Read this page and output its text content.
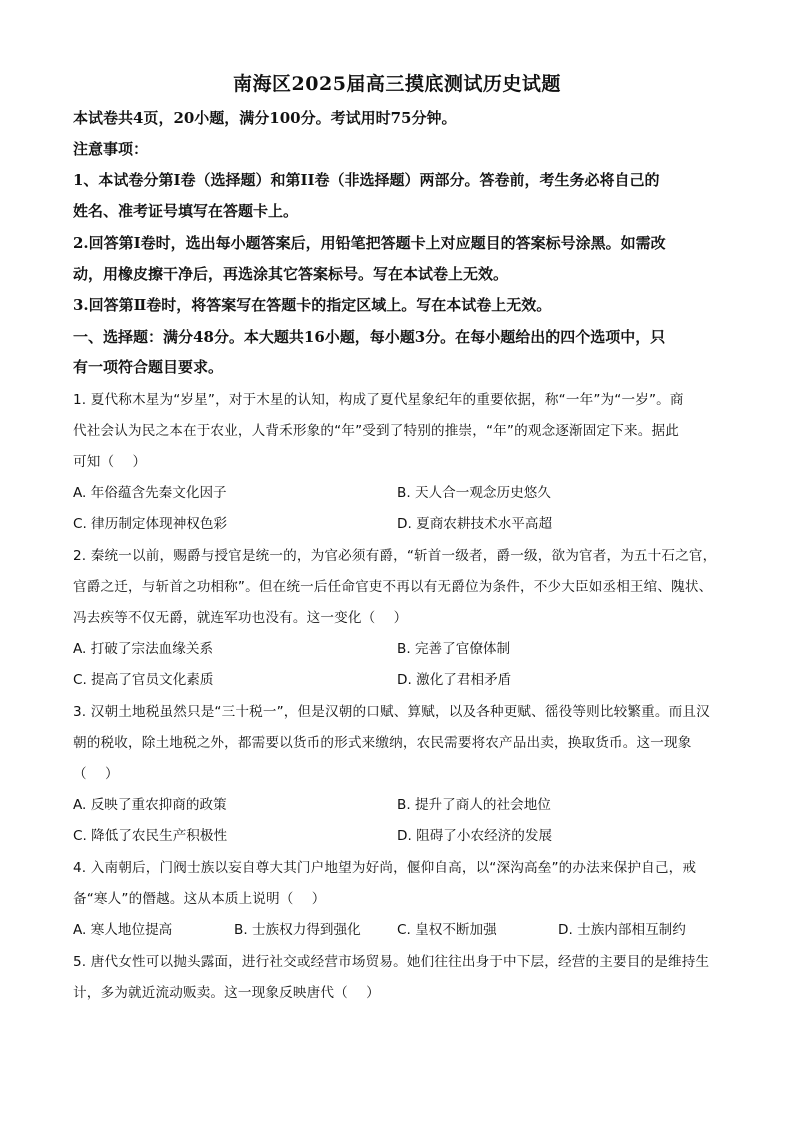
南海区2025届高三摸底测试历史试题
本试卷共4页，20小题，满分100分。考试用时75分钟。
注意事项：
1、本试卷分第Ⅰ卷（选择题）和第II卷（非选择题）两部分。答卷前，考生务必将自己的
姓名、准考证号填写在答题卡上。
2.回答第Ⅰ卷时，选出每小题答案后，用铅笔把答题卡上对应题目的答案标号涂黑。如需改
动，用橡皮擦干净后，再选涂其它答案标号。写在本试卷上无效。
3.回答第Ⅱ卷时，将答案写在答题卡的指定区域上。写在本试卷上无效。
一、选择题：满分48分。本大题共16小题，每小题3分。在每小题给出的四个选项中，只
有一项符合题目要求。
1. 夏代称木星为“岁星”，对于木星的认知，构成了夏代星象纪年的重要依据，称“一年”为“一岁”。商
代社会认为民之本在于农业，人背禾形象的“年”受到了特别的推崇，“年”的观念逐渐固定下来。据此
可知（　 ）
A. 年俗蕴含先秦文化因子	B. 天人合一观念历史悠久
C. 律历制定体现神权色彩	D. 夏商农耕技术水平高超
2. 秦统一以前，赐爵与授官是统一的，为官必须有爵，“斩首一级者，爵一级，欲为官者，为五十石之官，
官爵之迁，与斩首之功相称”。但在统一后任命官吏不再以有无爵位为条件，不少大臣如丞相王绾、隗状、
冯去疾等不仅无爵，就连军功也没有。这一变化（　 ）
A. 打破了宗法血缘关系	B. 完善了官僚体制
C. 提高了官员文化素质	D. 激化了君相矛盾
3. 汉朝土地税虽然只是“三十税一”，但是汉朝的口赋、算赋，以及各种更赋、徭役等则比较繁重。而且汉
朝的税收，除土地税之外，都需要以货币的形式来缴纳，农民需要将农产品出卖，换取货币。这一现象
（　 ）
A. 反映了重农抑商的政策	B. 提升了商人的社会地位
C. 降低了农民生产积极性	D. 阻碍了小农经济的发展
4. 入南朝后，门阀士族以妄自尊大其门户地望为好尚，偃仰自高，以“深沟高垒”的办法来保护自己，戒
备“寒人”的僭越。这从本质上说明（　 ）
A. 寒人地位提高	B. 士族权力得到强化	C. 皇权不断加强	D. 士族内部相互制约
5. 唐代女性可以抛头露面，进行社交或经营市场贸易。她们往往出身于中下层，经营的主要目的是维持生
计，多为就近流动贩卖。这一现象反映唐代（　 ）
